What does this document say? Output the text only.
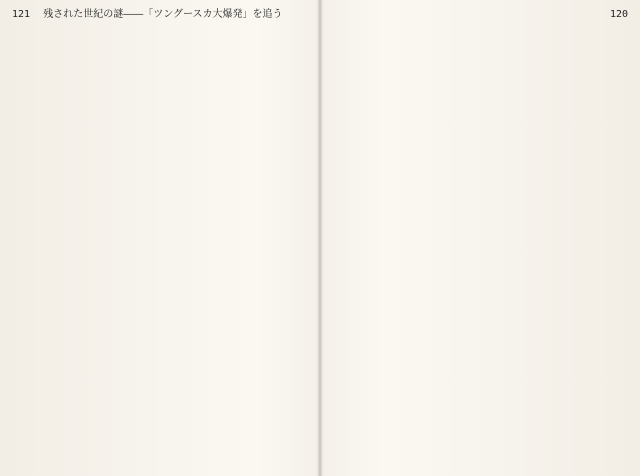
121 残された世紀の謎――「ツングースカ大爆発」を追う	120
